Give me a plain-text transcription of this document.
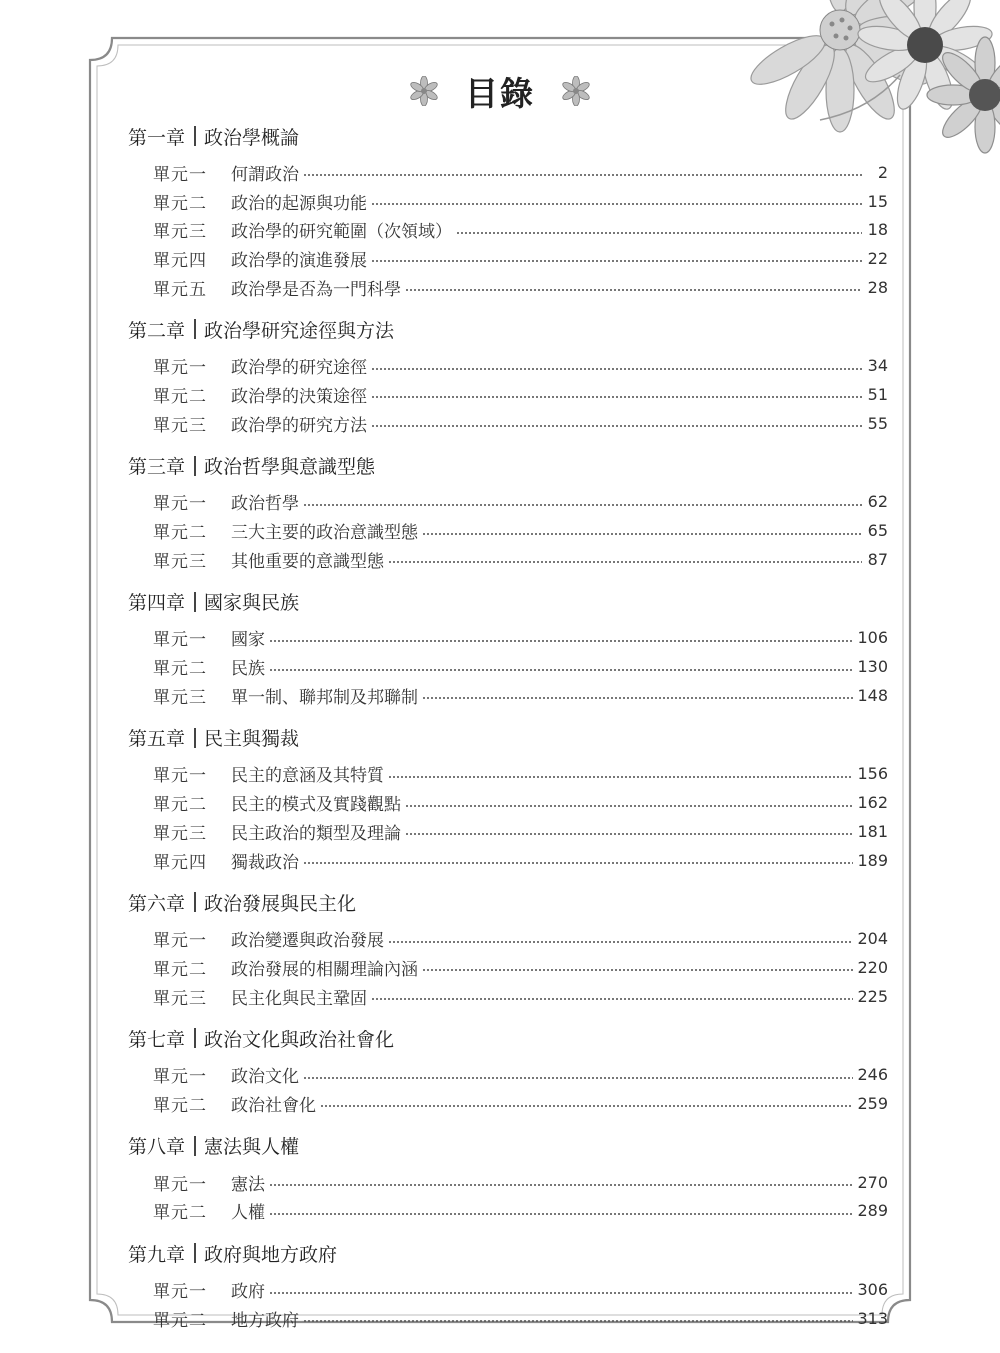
目錄
第一章 政治學概論
單元一	何謂政治	2
單元二	政治的起源與功能	15
單元三	政治學的研究範圍（次領域）	18
單元四	政治學的演進發展	22
單元五	政治學是否為一門科學	28
第二章 政治學研究途徑與方法
單元一	政治學的研究途徑	34
單元二	政治學的決策途徑	51
單元三	政治學的研究方法	55
第三章 政治哲學與意識型態
單元一	政治哲學	62
單元二	三大主要的政治意識型態	65
單元三	其他重要的意識型態	87
第四章 國家與民族
單元一	國家	106
單元二	民族	130
單元三	單一制、聯邦制及邦聯制	148
第五章 民主與獨裁
單元一	民主的意涵及其特質	156
單元二	民主的模式及實踐觀點	162
單元三	民主政治的類型及理論	181
單元四	獨裁政治	189
第六章 政治發展與民主化
單元一	政治變遷與政治發展	204
單元二	政治發展的相關理論內涵	220
單元三	民主化與民主鞏固	225
第七章 政治文化與政治社會化
單元一	政治文化	246
單元二	政治社會化	259
第八章 憲法與人權
單元一	憲法	270
單元二	人權	289
第九章 政府與地方政府
單元一	政府	306
單元二	地方政府	313
